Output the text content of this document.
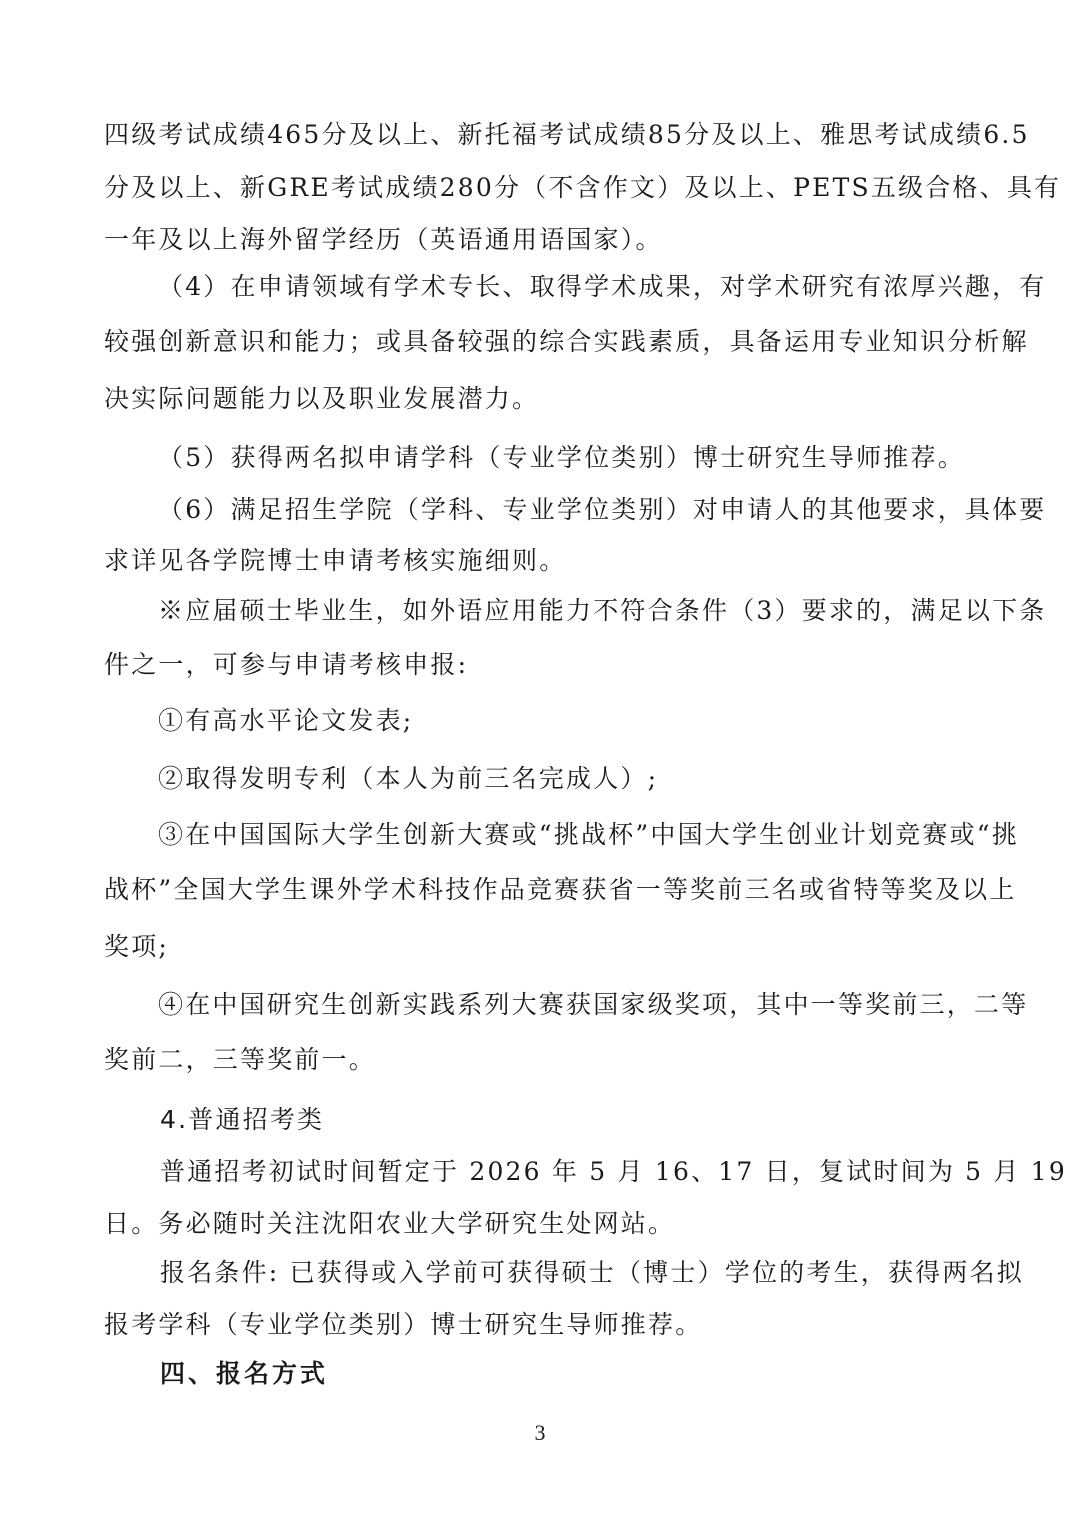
四级考试成绩465分及以上、新托福考试成绩85分及以上、雅思考试成绩6.5
分及以上、新GRE考试成绩280分（不含作文）及以上、PETS五级合格、具有
一年及以上海外留学经历（英语通用语国家）。
（4）在申请领域有学术专长、取得学术成果，对学术研究有浓厚兴趣，有
较强创新意识和能力；或具备较强的综合实践素质，具备运用专业知识分析解
决实际问题能力以及职业发展潜力。
（5）获得两名拟申请学科（专业学位类别）博士研究生导师推荐。
（6）满足招生学院（学科、专业学位类别）对申请人的其他要求，具体要
求详见各学院博士申请考核实施细则。
※应届硕士毕业生，如外语应用能力不符合条件（3）要求的，满足以下条
件之一，可参与申请考核申报:
①有高水平论文发表;
②取得发明专利（本人为前三名完成人）;
③在中国国际大学生创新大赛或“挑战杯”中国大学生创业计划竞赛或“挑
战杯”全国大学生课外学术科技作品竞赛获省一等奖前三名或省特等奖及以上
奖项;
④在中国研究生创新实践系列大赛获国家级奖项，其中一等奖前三，二等
奖前二，三等奖前一。
4.普通招考类
普通招考初试时间暂定于 2026 年 5 月 16、17 日，复试时间为 5 月 19
日。务必随时关注沈阳农业大学研究生处网站。
报名条件: 已获得或入学前可获得硕士（博士）学位的考生，获得两名拟
报考学科（专业学位类别）博士研究生导师推荐。
四、报名方式
3
